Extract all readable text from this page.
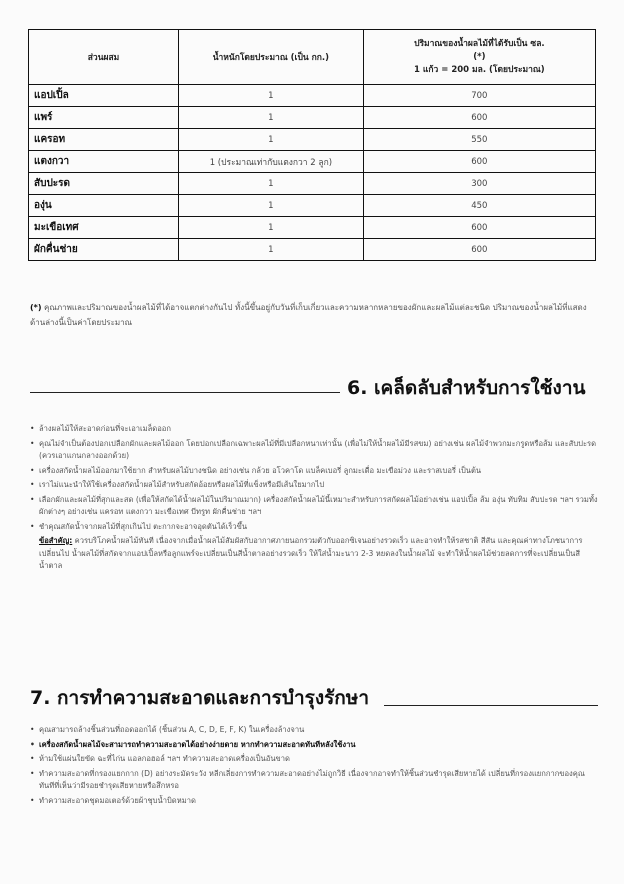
ส่วนผสม	น้ำหนักโดยประมาณ (เป็น กก.)	ปริมาณของน้ำผลไม้ที่ได้รับเป็น ซล.
(*)
1 แก้ว = 200 มล. (โดยประมาณ)

แอปเปิ้ล	1	700
แพร์	1	600
แครอท	1	550
แตงกวา	1 (ประมาณเท่ากับแตงกวา 2 ลูก)	600
สับปะรด	1	300
องุ่น	1	450
มะเขือเทศ	1	600
ผักคื่นช่าย	1	600
(*) คุณภาพและปริมาณของน้ำผลไม้ที่ได้อาจแตกต่างกันไป ทั้งนี้ขึ้นอยู่กับวันที่เก็บเกี่ยวและความหลากหลายของผักและผลไม้แต่ละชนิด ปริมาณของน้ำผลไม้ที่แสดงด้านล่างนี้เป็นค่าโดยประมาณ
6. เคล็ดลับสำหรับการใช้งาน
• ล้างผลไม้ให้สะอาดก่อนที่จะเอาเมล็ดออก
• คุณไม่จำเป็นต้องปอกเปลือกผักและผลไม้ออก โดยปอกเปลือกเฉพาะผลไม้ที่มีเปลือกหนาเท่านั้น (เพื่อไม่ให้น้ำผลไม้มีรสขม) อย่างเช่น ผลไม้จำพวกมะกรูดหรือส้ม และสับปะรด (ควรเอาแกนกลางออกด้วย)
• เครื่องสกัดน้ำผลไม้ออกมาใช้ยาก สำหรับผลไม้บางชนิด อย่างเช่น กล้วย อโวคาโด แบล็คเบอรี่ ลูกมะเดื่อ มะเขือม่วง และราสเบอรี่ เป็นต้น
• เราไม่แนะนำให้ใช้เครื่องสกัดน้ำผลไม้สำหรับสกัดอ้อยหรือผลไม้ที่แข็งหรือมีเส้นใยมากไป
• เลือกผักและผลไม้ที่สุกและสด (เพื่อให้สกัดได้น้ำผลไม้ในปริมาณมาก) เครื่องสกัดน้ำผลไม้นี้เหมาะสำหรับการสกัดผลไม้อย่างเช่น แอปเปิ้ล ส้ม องุ่น ทับทิม สับปะรด ฯลฯ รวมทั้งผักต่างๆ อย่างเช่น แครอท แตงกวา มะเขือเทศ บีทรูท ผักคื่นช่าย ฯลฯ
• ชำคุณสกัดน้ำจากผลไม้ที่สุกเกินไป ตะกากจะอาจอุดตันได้เร็วขึ้น
ข้อสำคัญ: ควรบริโภคน้ำผลไม้ทันที เนื่องจากเมื่อน้ำผลไม้สัมผัสกับอากาศภายนอกรวมตัวกับออกซิเจนอย่างรวดเร็ว และอาจทำให้รสชาติ สีสัน และคุณค่าทางโภชนาการเปลี่ยนไป น้ำผลไม้ที่สกัดจากแอปเปิ้ลหรือลูกแพร์จะเปลี่ยนเป็นสีน้ำตาลอย่างรวดเร็ว ให้ใส่น้ำมะนาว 2-3 หยดลงในน้ำผลไม้ จะทำให้น้ำผลไม้ช่วยลดการที่จะเปลี่ยนเป็นสีน้ำตาล
7. การทำความสะอาดและการบำรุงรักษา
• คุณสามารถล้างชิ้นส่วนที่ถอดออกได้ (ชิ้นส่วน A, C, D, E, F, K) ในเครื่องล้างจาน
• เครื่องสกัดน้ำผลไม้จะสามารถทำความสะอาดได้อย่างง่ายดาย หากทำความสะอาดทันทีหลังใช้งาน
• ห้ามใช้แผ่นใยขัด ฉะที่ไก่น แอลกอฮอล์ ฯลฯ ทำความสะอาดเครื่องเป็นอันขาด
• ทำความสะอาดที่กรองแยกกาก (D) อย่างระมัดระวัง หลีกเลี่ยงการทำความสะอาดอย่างไม่ถูกวิธี เนื่องจากอาจทำให้ชิ้นส่วนชำรุดเสียหายได้ เปลี่ยนที่กรองแยกกากของคุณทันทีที่เห็นว่ามีรอยชำรุดเสียหายหรือสึกหรอ
• ทำความสะอาดชุดมอเตอร์ด้วยผ้าชุบน้ำบิดหมาด
